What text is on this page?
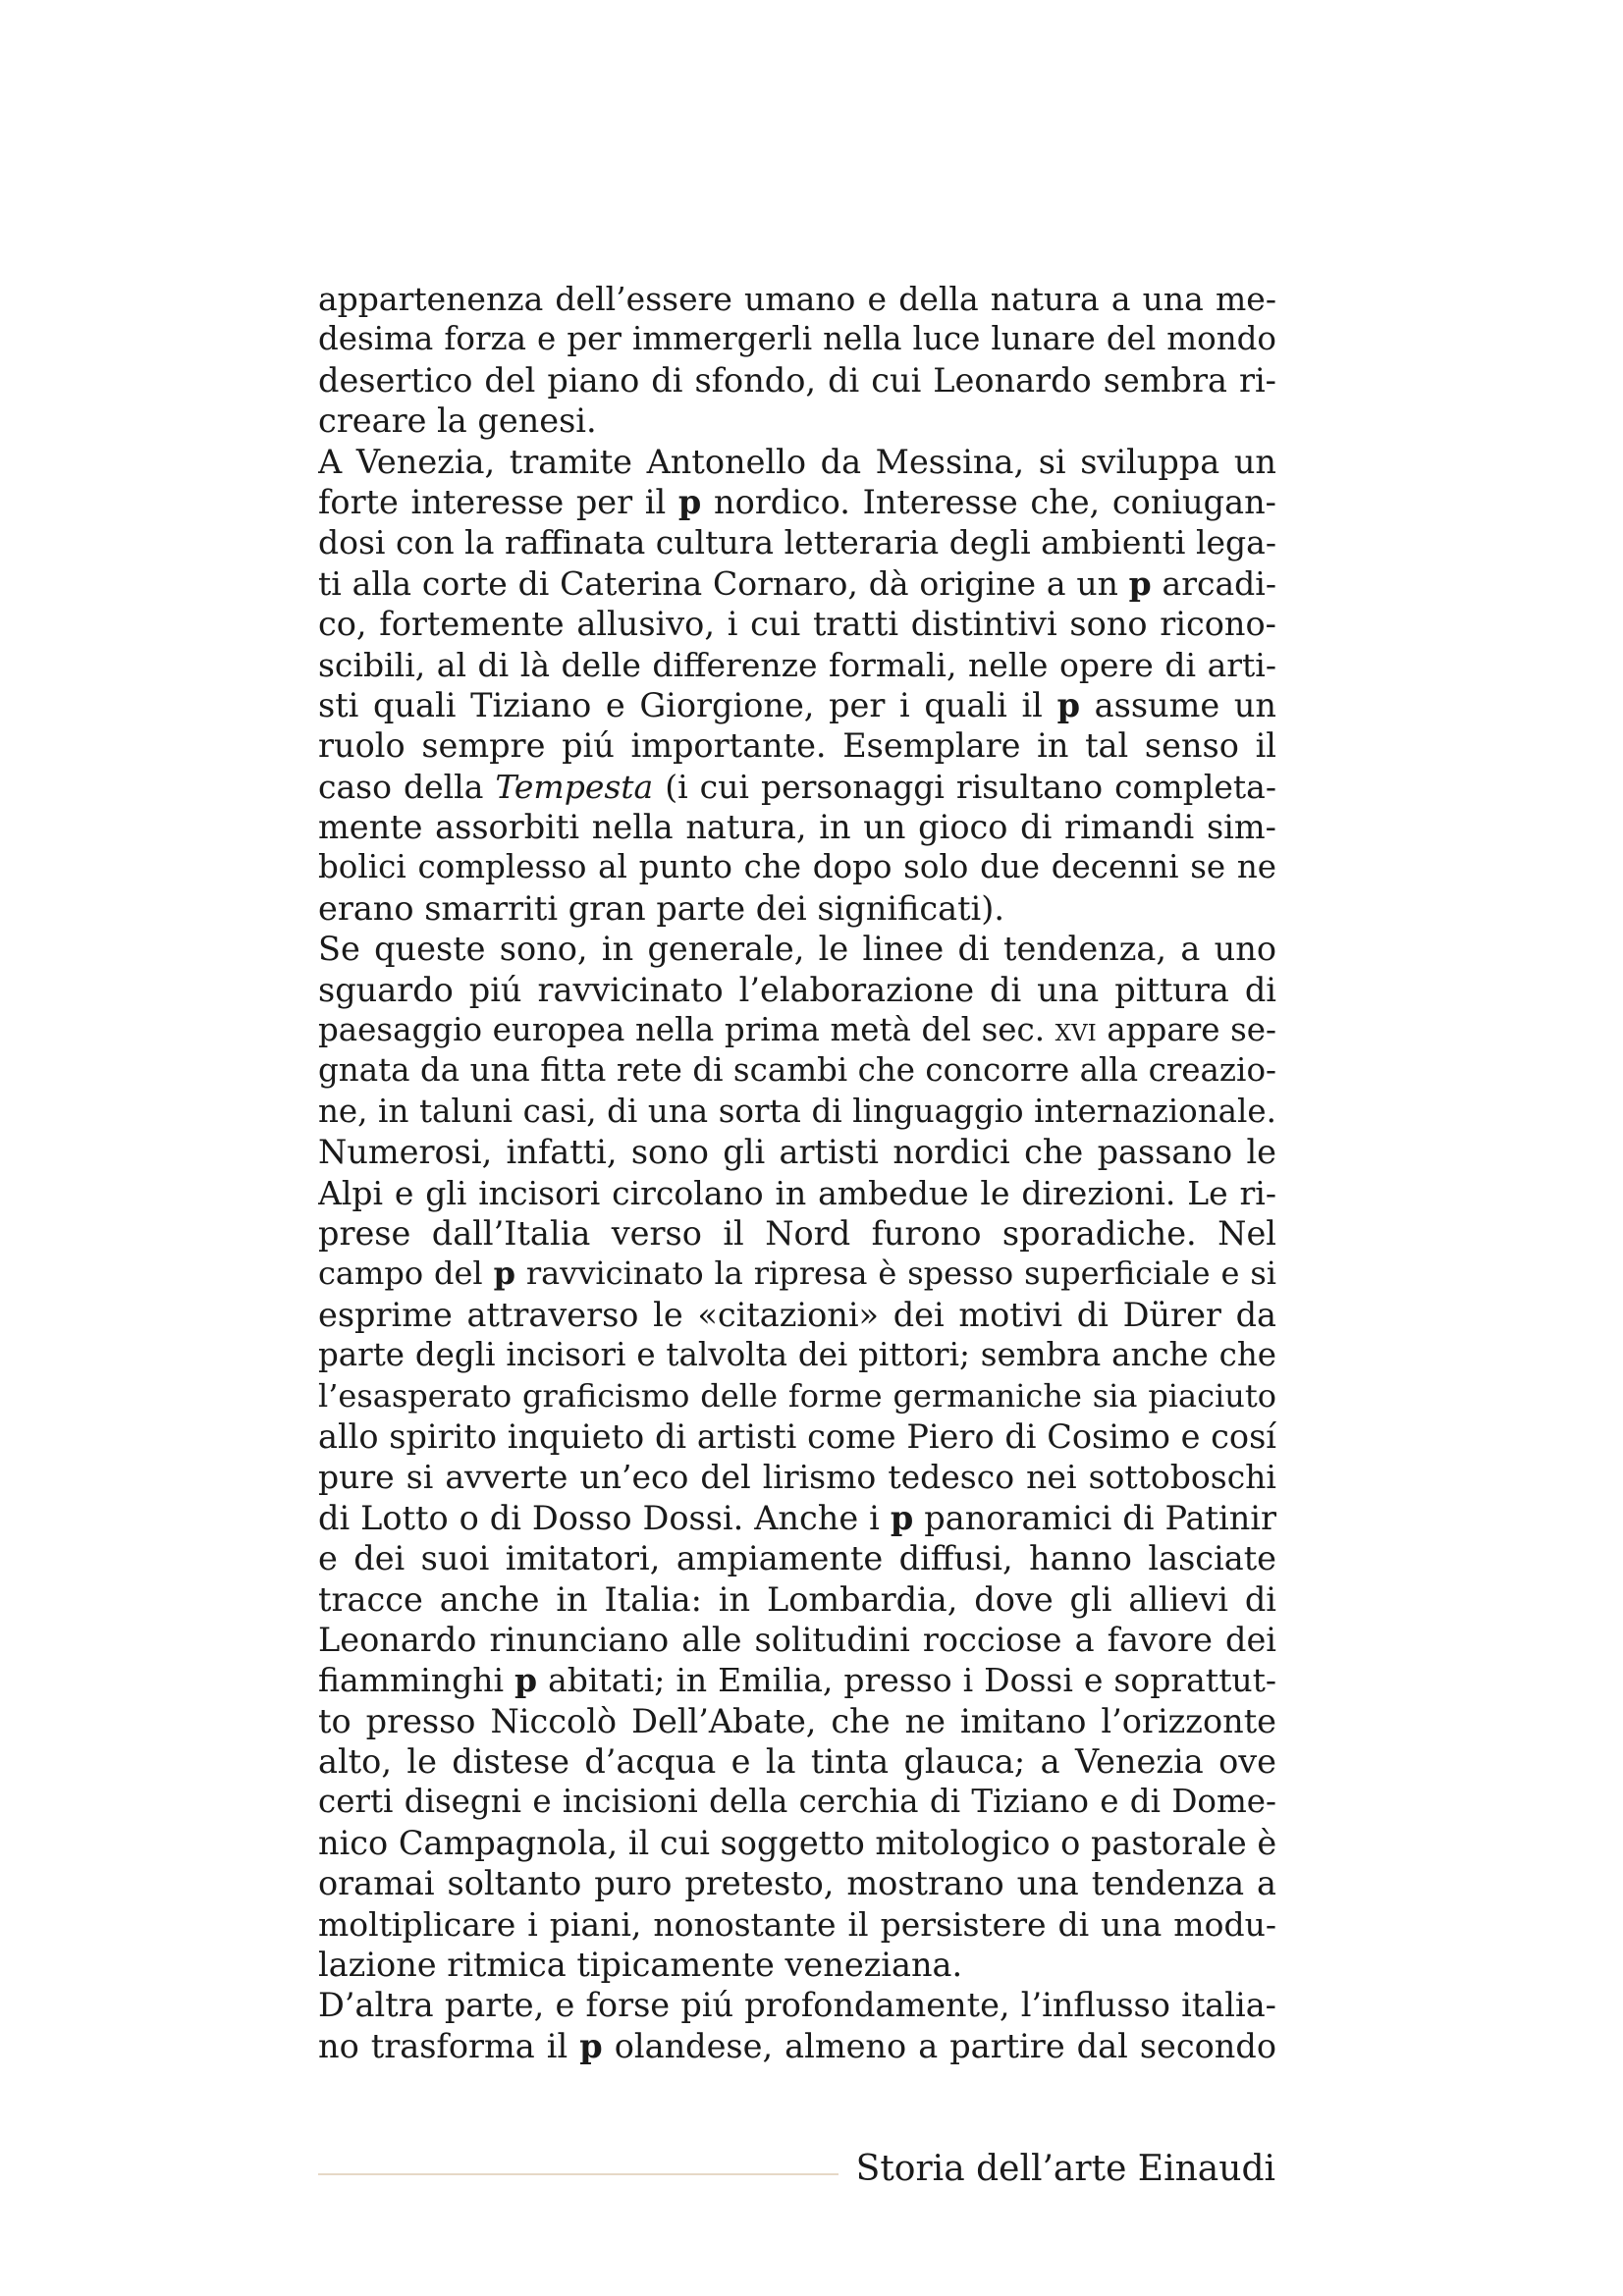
appartenenza dell’essere umano e della natura a una me-
desima forza e per immergerli nella luce lunare del mondo
desertico del piano di sfondo, di cui Leonardo sembra ri-
creare la genesi.
A Venezia, tramite Antonello da Messina, si sviluppa un
forte interesse per il p nordico. Interesse che, coniugan-
dosi con la raffinata cultura letteraria degli ambienti lega-
ti alla corte di Caterina Cornaro, dà origine a un p arcadi-
co, fortemente allusivo, i cui tratti distintivi sono ricono-
scibili, al di là delle differenze formali, nelle opere di arti-
sti quali Tiziano e Giorgione, per i quali il p assume un
ruolo sempre piú importante. Esemplare in tal senso il
caso della Tempesta (i cui personaggi risultano completa-
mente assorbiti nella natura, in un gioco di rimandi sim-
bolici complesso al punto che dopo solo due decenni se ne
erano smarriti gran parte dei significati).
Se queste sono, in generale, le linee di tendenza, a uno
sguardo piú ravvicinato l’elaborazione di una pittura di
paesaggio europea nella prima metà del sec. xvi appare se-
gnata da una fitta rete di scambi che concorre alla creazio-
ne, in taluni casi, di una sorta di linguaggio internazionale.
Numerosi, infatti, sono gli artisti nordici che passano le
Alpi e gli incisori circolano in ambedue le direzioni. Le ri-
prese dall’Italia verso il Nord furono sporadiche. Nel
campo del p ravvicinato la ripresa è spesso superficiale e si
esprime attraverso le «citazioni» dei motivi di Dürer da
parte degli incisori e talvolta dei pittori; sembra anche che
l’esasperato graficismo delle forme germaniche sia piaciuto
allo spirito inquieto di artisti come Piero di Cosimo e cosí
pure si avverte un’eco del lirismo tedesco nei sottoboschi
di Lotto o di Dosso Dossi. Anche i p panoramici di Patinir
e dei suoi imitatori, ampiamente diffusi, hanno lasciate
tracce anche in Italia: in Lombardia, dove gli allievi di
Leonardo rinunciano alle solitudini rocciose a favore dei
fiamminghi p abitati; in Emilia, presso i Dossi e soprattut-
to presso Niccolò Dell’Abate, che ne imitano l’orizzonte
alto, le distese d’acqua e la tinta glauca; a Venezia ove
certi disegni e incisioni della cerchia di Tiziano e di Dome-
nico Campagnola, il cui soggetto mitologico o pastorale è
oramai soltanto puro pretesto, mostrano una tendenza a
moltiplicare i piani, nonostante il persistere di una modu-
lazione ritmica tipicamente veneziana.
D’altra parte, e forse piú profondamente, l’influsso italia-
no trasforma il p olandese, almeno a partire dal secondo
Storia dell’arte Einaudi
